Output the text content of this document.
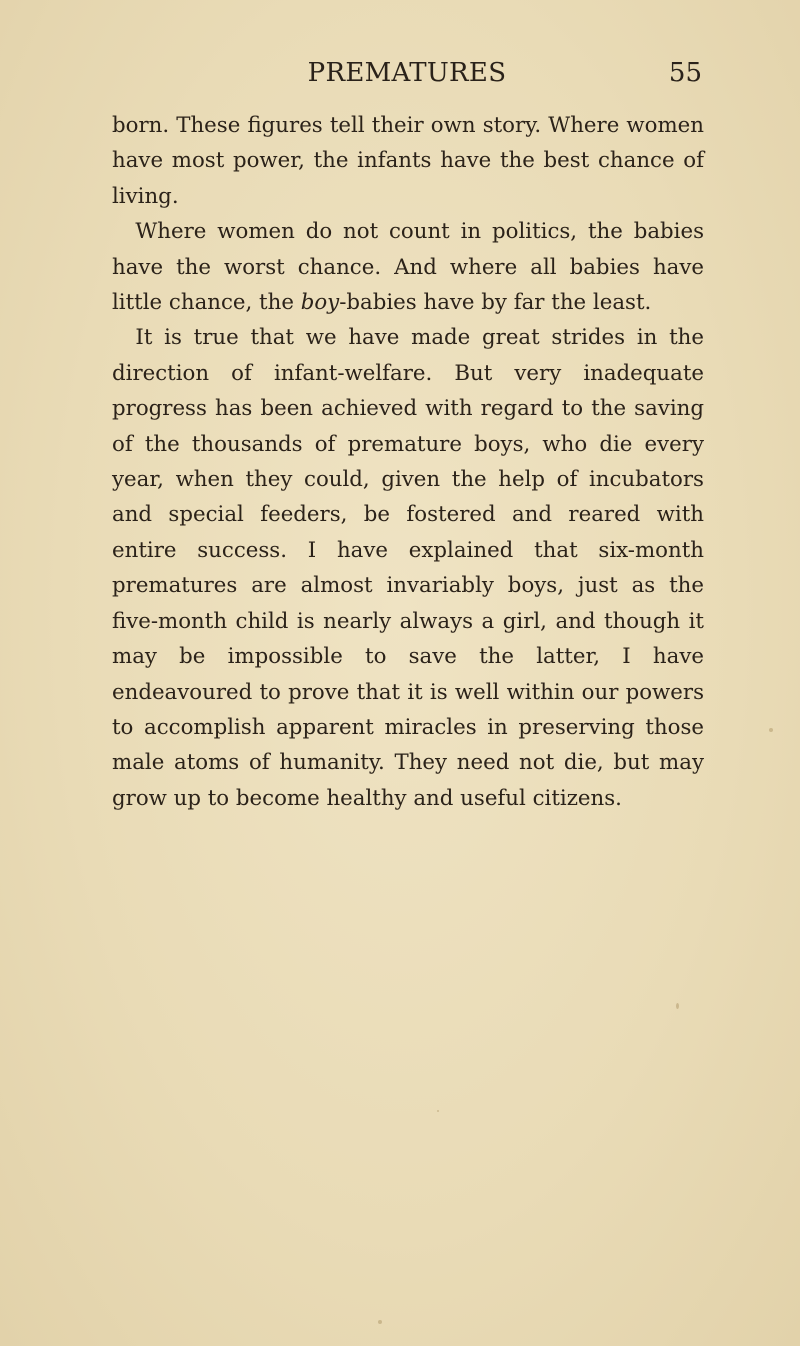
PREMATURES	55

born. These figures tell their own story. Where women have most power, the infants have the best chance of living.

Where women do not count in politics, the babies have the worst chance. And where all babies have little chance, the boy-babies have by far the least.

It is true that we have made great strides in the direction of infant-welfare. But very inadequate progress has been achieved with regard to the saving of the thousands of premature boys, who die every year, when they could, given the help of incubators and special feeders, be fostered and reared with entire success. I have explained that six-month prematures are almost invariably boys, just as the five-month child is nearly always a girl, and though it may be impossible to save the latter, I have endeavoured to prove that it is well within our powers to accomplish apparent miracles in preserving those male atoms of humanity. They need not die, but may grow up to become healthy and useful citizens.
